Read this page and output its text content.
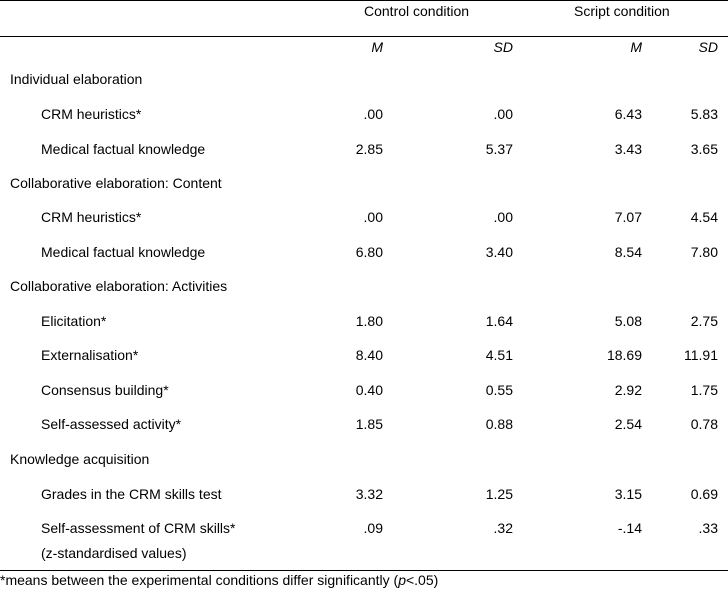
Control condition	Script condition
M	SD	M	SD
Individual elaboration
CRM heuristics*	.00	.00	6.43	5.83
Medical factual knowledge	2.85	5.37	3.43	3.65
Collaborative elaboration: Content
CRM heuristics*	.00	.00	7.07	4.54
Medical factual knowledge	6.80	3.40	8.54	7.80
Collaborative elaboration: Activities
Elicitation*	1.80	1.64	5.08	2.75
Externalisation*	8.40	4.51	18.69	11.91
Consensus building*	0.40	0.55	2.92	1.75
Self-assessed activity*	1.85	0.88	2.54	0.78
Knowledge acquisition
Grades in the CRM skills test	3.32	1.25	3.15	0.69
Self-assessment of CRM skills*	.09	.32	-.14	.33
(z-standardised values)
*means between the experimental conditions differ significantly (p<.05)
